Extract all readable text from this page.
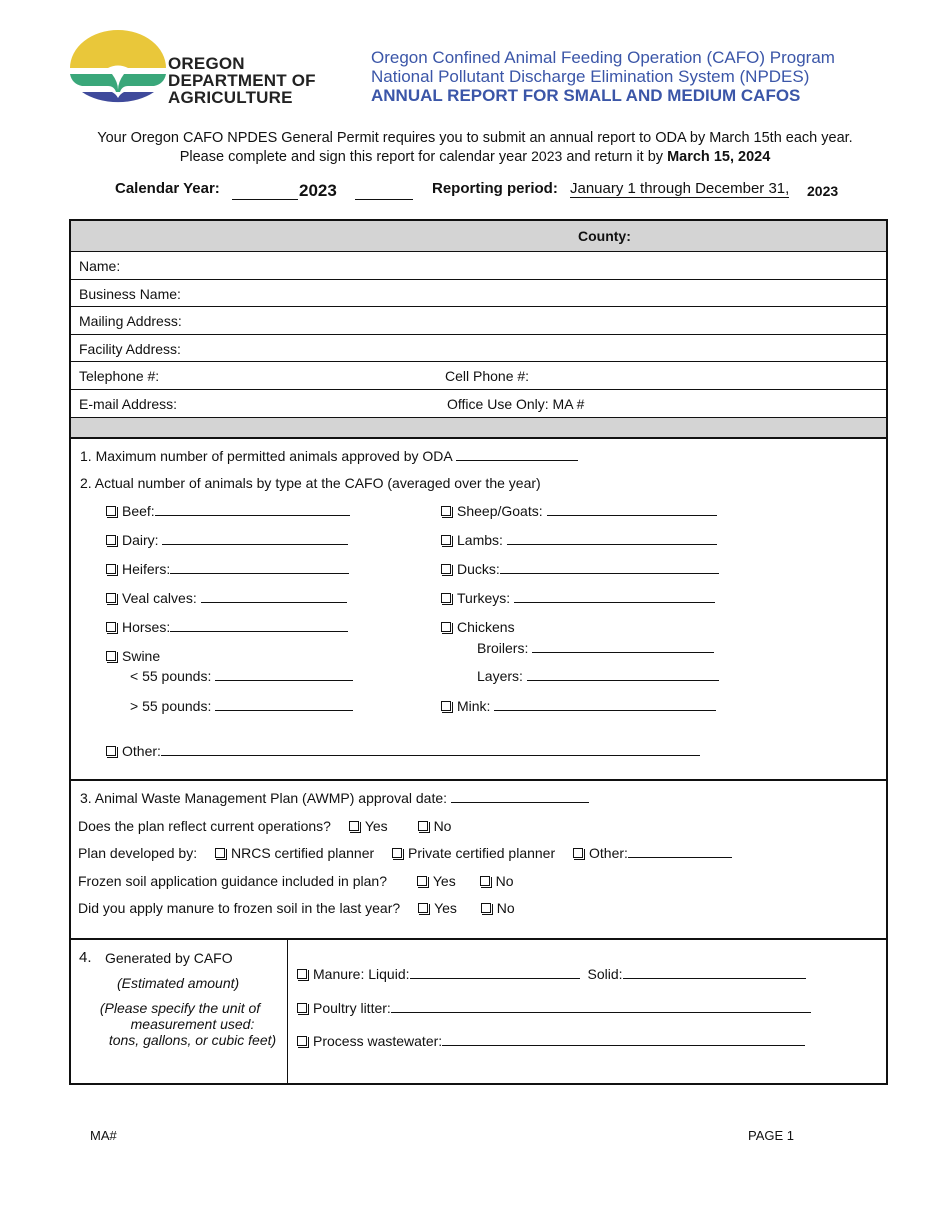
OREGON
DEPARTMENT OF
AGRICULTURE
Oregon Confined Animal Feeding Operation (CAFO) Program
National Pollutant Discharge Elimination System (NPDES)
ANNUAL REPORT FOR SMALL AND MEDIUM CAFOS
Your Oregon CAFO NPDES General Permit requires you to submit an annual report to ODA by March 15th each year.
Please complete and sign this report for calendar year 2023 and return it by March 15, 2024
Calendar Year:	2023	Reporting period: January 1 through December 31, 2023
County:
Name:
Business Name:
Mailing Address:
Facility Address:
Telephone #:	Cell Phone #:
E-mail Address:	Office Use Only: MA #
1. Maximum number of permitted animals approved by ODA
2. Actual number of animals by type at the CAFO (averaged over the year)
Beef:
Dairy:
Heifers:
Veal calves:
Horses:
Swine
< 55 pounds:
> 55 pounds:
Sheep/Goats:
Lambs:
Ducks:
Turkeys:
Chickens
Broilers:
Layers:
Mink:
Other:
3. Animal Waste Management Plan (AWMP) approval date:
Does the plan reflect current operations? Yes	No
Plan developed by: NRCS certified planner Private certified planner Other:
Frozen soil application guidance included in plan?	Yes	No
Did you apply manure to frozen soil in the last year? Yes	No
4. Generated by CAFO
(Estimated amount)
(Please specify the unit of
measurement used:
tons, gallons, or cubic feet)
Manure: Liquid:	Solid:
Poultry litter:
Process wastewater:
MA#	PAGE 1
